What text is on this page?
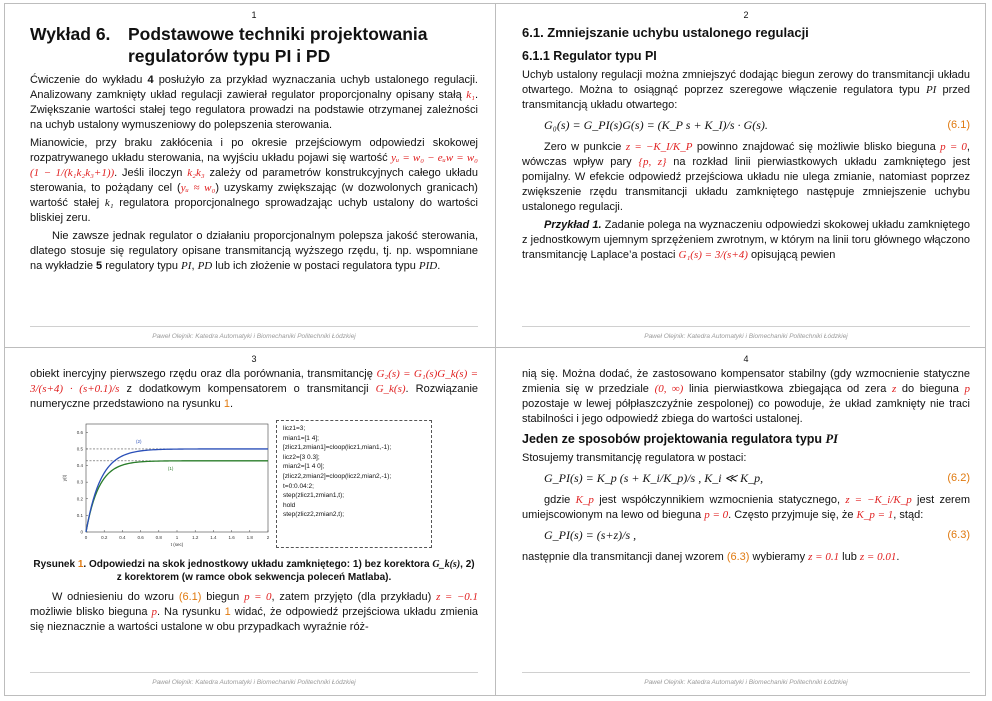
1
Wykład 6. Podstawowe techniki projektowania
regulatorów typu PI i PD

Ćwiczenie do wykładu 4 posłużyło za przykład wyznaczania uchyb ustalonego regulacji. Analizowany zamknięty układ regulacji zawierał regulator proporcjonalny opisany stałą k₁. Zwiększanie wartości stałej tego regulatora prowadzi na podstawie otrzymanej zależności na uchyb ustalony wymuszeniowy do polepszenia sterowania.

Mianowicie, przy braku zakłócenia i po okresie przejściowym odpowiedzi skokowej rozpatrywanego układu sterowania, na wyjściu układu pojawi się wartość yᵤ = w₀ − eᵤw = w₀ (1 − 1/(k₁k₂k₃+1)). Jeśli iloczyn k₂k₃ zależy od parametrów konstrukcyjnych całego układu sterowania, to pożądany cel (yᵤ ≈ w₀) uzyskamy zwiększając (w dozwolonych granicach) wartość stałej k₁ regulatora proporcjonalnego sprowadzając uchyb ustalony do wartości bliskiej zeru.

Nie zawsze jednak regulator o działaniu proporcjonalnym polepsza jakość sterowania, dlatego stosuje się regulatory opisane transmitancją wyższego rzędu, tj. np. wspomniane na wykładzie 5 regulatory typu PI, PD lub ich złożenie w postaci regulatora typu PID.

Paweł Olejnik: Katedra Automatyki i Biomechaniki Politechniki Łódzkiej
2
6.1. Zmniejszanie uchybu ustalonego regulacji
6.1.1 Regulator typu PI

Uchyb ustalony regulacji można zmniejszyć dodając biegun zerowy do transmitancji układu otwartego. Można to osiągnąć poprzez szeregowe włączenie regulatora typu PI przed transmitancją układu otwartego:

G₀(s) = G_PI(s)G(s) = (K_P s + K_I)/s · G(s).	(6.1)

Zero w punkcie z = −K_I/K_P powinno znajdować się możliwie blisko bieguna p = 0, wówczas wpływ pary {p, z} na rozkład linii pierwiastkowych układu zamkniętego jest pomijalny. W efekcie odpowiedź przejściowa układu nie ulega zmianie, natomiast poprzez zwiększenie rzędu transmitancji układu zamkniętego następuje zmniejszenie uchybu ustalonego regulacji.

Przykład 1. Zadanie polega na wyznaczeniu odpowiedzi skokowej układu zamkniętego z jednostkowym ujemnym sprzężeniem zwrotnym, w którym na linii toru głównego włączono transmitancję Laplace’a postaci G₁(s) = 3/(s+4) opisującą pewien

Paweł Olejnik: Katedra Automatyki i Biomechaniki Politechniki Łódzkiej
3

obiekt inercyjny pierwszego rzędu oraz dla porównania, transmitancję G₂(s) = G₁(s)G_k(s) = 3/(s+4) · (s+0.1)/s z dodatkowym kompensatorem o transmitancji G_k(s). Rozwiązanie numeryczne przedstawiono na rysunku 1.

0	0.2	0.4	0.6	0.8	1	1.2	1.4	1.6	1.8	2
0
0.1
0.2
0.3
0.4
0.5
0.6
t (sec)
y(t)
(1)
(2)
licz1=3;
mian1=[1 4];
[zlicz1,zmian1]=cloop(licz1,mian1,-1);
licz2=[3 0.3];
mian2=[1 4 0];
[zlicz2,zmian2]=cloop(licz2,mian2,-1);
t=0:0.04:2;
step(zlicz1,zmian1,t);
hold
step(zlicz2,zmian2,t);
Rysunek 1. Odpowiedzi na skok jednostkowy układu zamkniętego: 1) bez korektora G_k(s), 2) z korektorem (w ramce obok sekwencja poleceń Matlaba).

W odniesieniu do wzoru (6.1) biegun p = 0, zatem przyjęto (dla przykładu) z = −0.1 możliwie blisko bieguna p. Na rysunku 1 widać, że odpowiedź przejściowa układu zmienia się nieznacznie a wartości ustalone w obu przypadkach wyraźnie róż-

Paweł Olejnik: Katedra Automatyki i Biomechaniki Politechniki Łódzkiej
4

nią się. Można dodać, że zastosowano kompensator stabilny (gdy wzmocnienie statyczne zmienia się w przedziale (0, ∞) linia pierwiastkowa zbiegająca od zera z do bieguna p pozostaje w lewej półpłaszczyźnie zespolonej) co powoduje, że układ zamknięty nie traci stabilności i jego odpowiedź zbiega do wartości ustalonej.

Jeden ze sposobów projektowania regulatora typu PI

Stosujemy transmitancję regulatora w postaci:

G_PI(s) = K_p (s + K_i/K_p)/s , K_i ≪ K_p,	(6.2)

gdzie K_p jest współczynnikiem wzmocnienia statycznego, z = −K_i/K_p jest zerem umiejscowionym na lewo od bieguna p = 0. Często przyjmuje się, że K_p = 1, stąd:

G_PI(s) = (s+z)/s ,	(6.3)

następnie dla transmitancji danej wzorem (6.3) wybieramy z = 0.1 lub z = 0.01.

Paweł Olejnik: Katedra Automatyki i Biomechaniki Politechniki Łódzkiej
